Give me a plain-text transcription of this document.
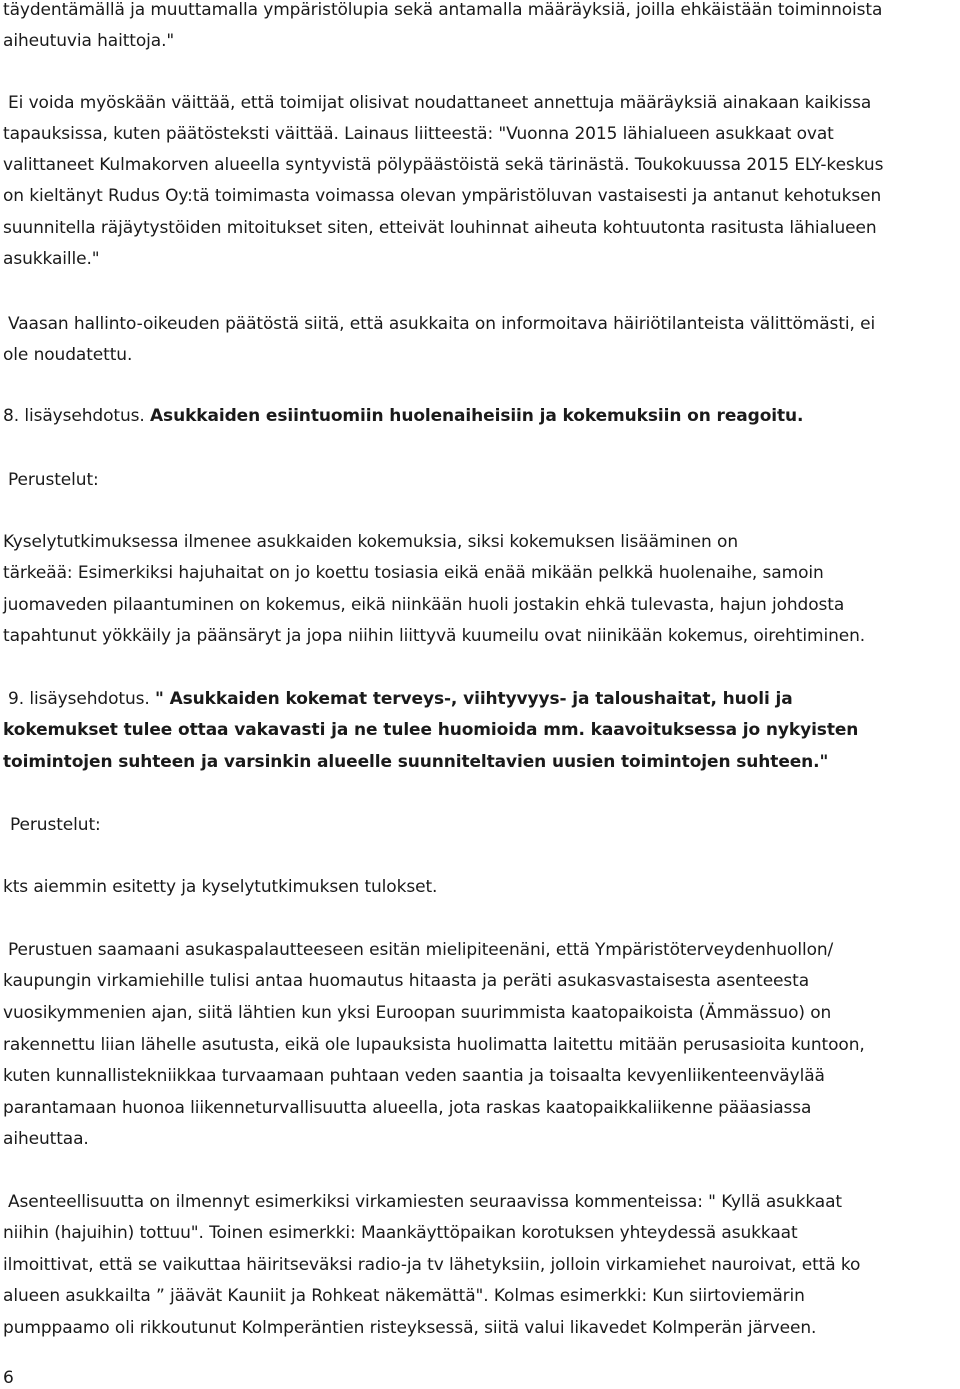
täydentämällä ja muuttamalla ympäristölupia sekä antamalla määräyksiä, joilla ehkäistään toiminnoista

aiheutuvia haittoja."

Ei voida myöskään väittää, että toimijat olisivat noudattaneet annettuja määräyksiä ainakaan kaikissa

tapauksissa, kuten päätösteksti väittää. Lainaus liitteestä: "Vuonna 2015 lähialueen asukkaat ovat

valittaneet Kulmakorven alueella syntyvistä pölypäästöistä sekä tärinästä. Toukokuussa 2015 ELY-keskus

on kieltänyt Rudus Oy:tä toimimasta voimassa olevan ympäristöluvan vastaisesti ja antanut kehotuksen

suunnitella räjäytystöiden mitoitukset siten, etteivät louhinnat aiheuta kohtuutonta rasitusta lähialueen

asukkaille."

Vaasan hallinto-oikeuden päätöstä siitä, että asukkaita on informoitava häiriötilanteista välittömästi, ei

ole noudatettu.

8. lisäysehdotus. Asukkaiden esiintuomiin huolenaiheisiin ja kokemuksiin on reagoitu.

Perustelut:

Kyselytutkimuksessa ilmenee asukkaiden kokemuksia, siksi kokemuksen lisääminen on

tärkeää: Esimerkiksi hajuhaitat on jo koettu tosiasia eikä enää mikään pelkkä huolenaihe, samoin

juomaveden pilaantuminen on kokemus, eikä niinkään huoli jostakin ehkä tulevasta, hajun johdosta

tapahtunut yökkäily ja päänsäryt ja jopa niihin liittyvä kuumeilu ovat niinikään kokemus, oirehtiminen.

9. lisäysehdotus. " Asukkaiden kokemat terveys-, viihtyvyys- ja taloushaitat, huoli ja

kokemukset tulee ottaa vakavasti ja ne tulee huomioida mm. kaavoituksessa jo nykyisten

toimintojen suhteen ja varsinkin alueelle suunniteltavien uusien toimintojen suhteen."

Perustelut:

kts aiemmin esitetty ja kyselytutkimuksen tulokset.

Perustuen saamaani asukaspalautteeseen esitän mielipiteenäni, että Ympäristöterveydenhuollon/

kaupungin virkamiehille tulisi antaa huomautus hitaasta ja peräti asukasvastaisesta asenteesta

vuosikymmenien ajan, siitä lähtien kun yksi Euroopan suurimmista kaatopaikoista (Ämmässuo) on

rakennettu liian lähelle asutusta, eikä ole lupauksista huolimatta laitettu mitään perusasioita kuntoon,

kuten kunnallistekniikkaa turvaamaan puhtaan veden saantia ja toisaalta kevyenliikenteenväylää

parantamaan huonoa liikenneturvallisuutta alueella, jota raskas kaatopaikkaliikenne pääasiassa

aiheuttaa.

Asenteellisuutta on ilmennyt esimerkiksi virkamiesten seuraavissa kommenteissa: " Kyllä asukkaat

niihin (hajuihin) tottuu". Toinen esimerkki: Maankäyttöpaikan korotuksen yhteydessä asukkaat

ilmoittivat, että se vaikuttaa häiritseväksi radio-ja tv lähetyksiin, jolloin virkamiehet nauroivat, että ko

alueen asukkailta ” jäävät Kauniit ja Rohkeat näkemättä". Kolmas esimerkki: Kun siirtoviemärin

pumppaamo oli rikkoutunut Kolmperäntien risteyksessä, siitä valui likavedet Kolmperän järveen.

6
